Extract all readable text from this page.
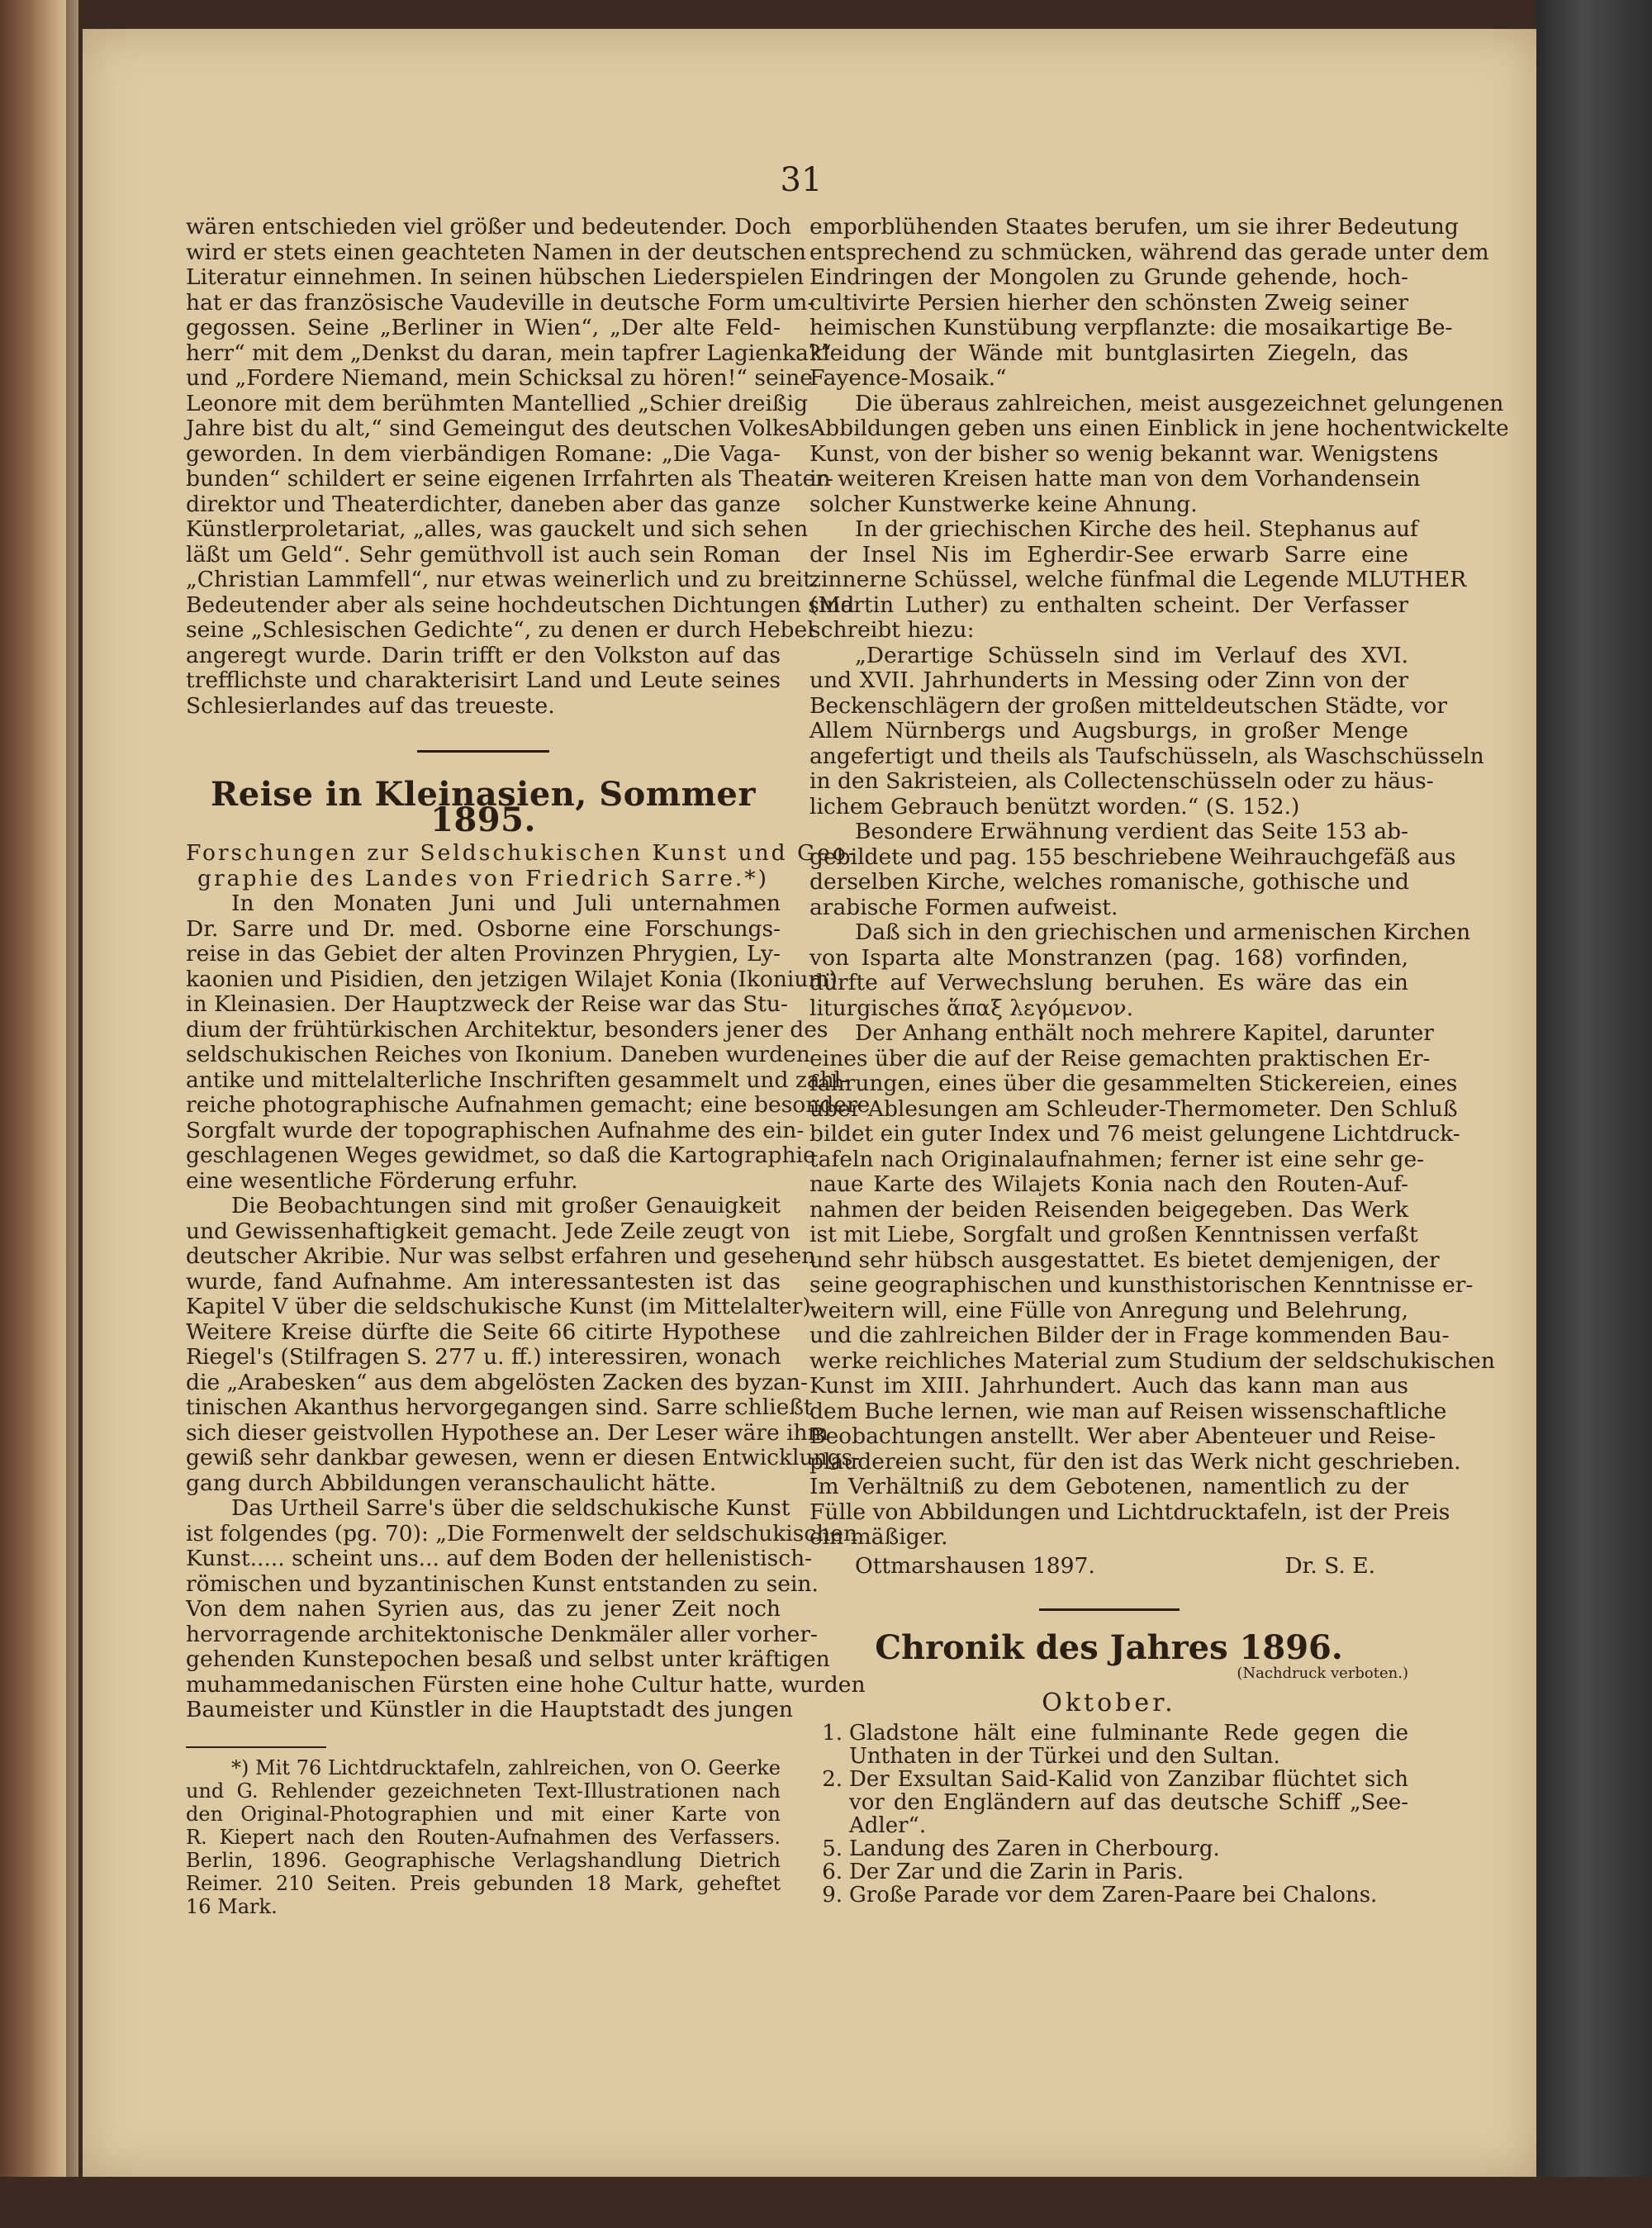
31
wären entschieden viel größer und bedeutender. Doch
wird er stets einen geachteten Namen in der deutschen
Literatur einnehmen. In seinen hübschen Liederspielen
hat er das französische Vaudeville in deutsche Form um-
gegossen. Seine „Berliner in Wien“, „Der alte Feld-
herr“ mit dem „Denkst du daran, mein tapfrer Lagienka?“
und „Fordere Niemand, mein Schicksal zu hören!“ seine
Leonore mit dem berühmten Mantellied „Schier dreißig
Jahre bist du alt,“ sind Gemeingut des deutschen Volkes
geworden. In dem vierbändigen Romane: „Die Vaga-
bunden“ schildert er seine eigenen Irrfahrten als Theater-
direktor und Theaterdichter, daneben aber das ganze
Künstlerproletariat, „alles, was gauckelt und sich sehen
läßt um Geld“. Sehr gemüthvoll ist auch sein Roman
„Christian Lammfell“, nur etwas weinerlich und zu breit.
Bedeutender aber als seine hochdeutschen Dichtungen sind
seine „Schlesischen Gedichte“, zu denen er durch Hebel
angeregt wurde. Darin trifft er den Volkston auf das
trefflichste und charakterisirt Land und Leute seines
Schlesierlandes auf das treueste.
Reise in Kleinasien, Sommer 1895.
Forschungen zur Seldschukischen Kunst und Geo-
graphie des Landes von Friedrich Sarre.*)
In den Monaten Juni und Juli unternahmen
Dr. Sarre und Dr. med. Osborne eine Forschungs-
reise in das Gebiet der alten Provinzen Phrygien, Ly-
kaonien und Pisidien, den jetzigen Wilajet Konia (Ikonium)
in Kleinasien. Der Hauptzweck der Reise war das Stu-
dium der frühtürkischen Architektur, besonders jener des
seldschukischen Reiches von Ikonium. Daneben wurden
antike und mittelalterliche Inschriften gesammelt und zahl-
reiche photographische Aufnahmen gemacht; eine besondere
Sorgfalt wurde der topographischen Aufnahme des ein-
geschlagenen Weges gewidmet, so daß die Kartographie
eine wesentliche Förderung erfuhr.
Die Beobachtungen sind mit großer Genauigkeit
und Gewissenhaftigkeit gemacht. Jede Zeile zeugt von
deutscher Akribie. Nur was selbst erfahren und gesehen
wurde, fand Aufnahme. Am interessantesten ist das
Kapitel V über die seldschukische Kunst (im Mittelalter).
Weitere Kreise dürfte die Seite 66 citirte Hypothese
Riegel's (Stilfragen S. 277 u. ff.) interessiren, wonach
die „Arabesken“ aus dem abgelösten Zacken des byzan-
tinischen Akanthus hervorgegangen sind. Sarre schließt
sich dieser geistvollen Hypothese an. Der Leser wäre ihm
gewiß sehr dankbar gewesen, wenn er diesen Entwicklungs-
gang durch Abbildungen veranschaulicht hätte.
Das Urtheil Sarre's über die seldschukische Kunst
ist folgendes (pg. 70): „Die Formenwelt der seldschukischen
Kunst..... scheint uns... auf dem Boden der hellenistisch-
römischen und byzantinischen Kunst entstanden zu sein.
Von dem nahen Syrien aus, das zu jener Zeit noch
hervorragende architektonische Denkmäler aller vorher-
gehenden Kunstepochen besaß und selbst unter kräftigen
muhammedanischen Fürsten eine hohe Cultur hatte, wurden
Baumeister und Künstler in die Hauptstadt des jungen
*) Mit 76 Lichtdrucktafeln, zahlreichen, von O. Geerke
und G. Rehlender gezeichneten Text-Illustrationen nach
den Original-Photographien und mit einer Karte von
R. Kiepert nach den Routen-Aufnahmen des Verfassers.
Berlin, 1896. Geographische Verlagshandlung Dietrich
Reimer. 210 Seiten. Preis gebunden 18 Mark, geheftet
16 Mark.
emporblühenden Staates berufen, um sie ihrer Bedeutung
entsprechend zu schmücken, während das gerade unter dem
Eindringen der Mongolen zu Grunde gehende, hoch-
cultivirte Persien hierher den schönsten Zweig seiner
heimischen Kunstübung verpflanzte: die mosaikartige Be-
kleidung der Wände mit buntglasirten Ziegeln, das
Fayence-Mosaik.“
Die überaus zahlreichen, meist ausgezeichnet gelungenen
Abbildungen geben uns einen Einblick in jene hochentwickelte
Kunst, von der bisher so wenig bekannt war. Wenigstens
in weiteren Kreisen hatte man von dem Vorhandensein
solcher Kunstwerke keine Ahnung.
In der griechischen Kirche des heil. Stephanus auf
der Insel Nis im Egherdir-See erwarb Sarre eine
zinnerne Schüssel, welche fünfmal die Legende MLUTHER
(Martin Luther) zu enthalten scheint. Der Verfasser
schreibt hiezu:
„Derartige Schüsseln sind im Verlauf des XVI.
und XVII. Jahrhunderts in Messing oder Zinn von der
Beckenschlägern der großen mitteldeutschen Städte, vor
Allem Nürnbergs und Augsburgs, in großer Menge
angefertigt und theils als Taufschüsseln, als Waschschüsseln
in den Sakristeien, als Collectenschüsseln oder zu häus-
lichem Gebrauch benützt worden.“ (S. 152.)
Besondere Erwähnung verdient das Seite 153 ab-
gebildete und pag. 155 beschriebene Weihrauchgefäß aus
derselben Kirche, welches romanische, gothische und
arabische Formen aufweist.
Daß sich in den griechischen und armenischen Kirchen
von Isparta alte Monstranzen (pag. 168) vorfinden,
dürfte auf Verwechslung beruhen. Es wäre das ein
liturgisches ἅπαξ λεγόμενον.
Der Anhang enthält noch mehrere Kapitel, darunter
eines über die auf der Reise gemachten praktischen Er-
fahrungen, eines über die gesammelten Stickereien, eines
über Ablesungen am Schleuder-Thermometer. Den Schluß
bildet ein guter Index und 76 meist gelungene Lichtdruck-
tafeln nach Originalaufnahmen; ferner ist eine sehr ge-
naue Karte des Wilajets Konia nach den Routen-Auf-
nahmen der beiden Reisenden beigegeben. Das Werk
ist mit Liebe, Sorgfalt und großen Kenntnissen verfaßt
und sehr hübsch ausgestattet. Es bietet demjenigen, der
seine geographischen und kunsthistorischen Kenntnisse er-
weitern will, eine Fülle von Anregung und Belehrung,
und die zahlreichen Bilder der in Frage kommenden Bau-
werke reichliches Material zum Studium der seldschukischen
Kunst im XIII. Jahrhundert. Auch das kann man aus
dem Buche lernen, wie man auf Reisen wissenschaftliche
Beobachtungen anstellt. Wer aber Abenteuer und Reise-
plaudereien sucht, für den ist das Werk nicht geschrieben.
Im Verhältniß zu dem Gebotenen, namentlich zu der
Fülle von Abbildungen und Lichtdrucktafeln, ist der Preis
ein mäßiger.
Ottmarshausen 1897.	Dr. S. E.
Chronik des Jahres 1896.
(Nachdruck verboten.)
Oktober.
1. Gladstone hält eine fulminante Rede gegen die Unthaten in der Türkei und den Sultan.
2. Der Exsultan Said-Kalid von Zanzibar flüchtet sich vor den Engländern auf das deutsche Schiff „See-Adler“.
5. Landung des Zaren in Cherbourg.
6. Der Zar und die Zarin in Paris.
9. Große Parade vor dem Zaren-Paare bei Chalons.
